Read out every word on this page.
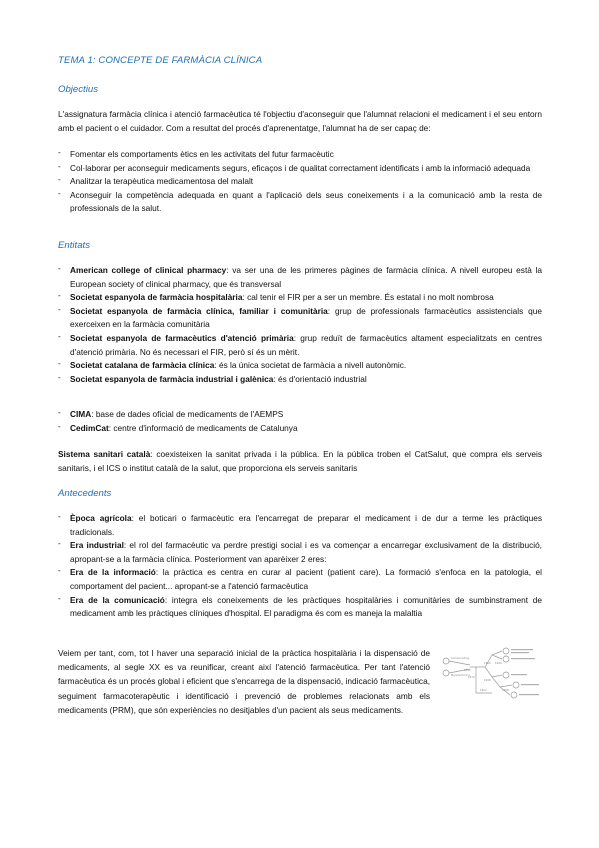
TEMA 1: CONCEPTE DE FARMÀCIA CLÍNICA
Objectius
L'assignatura farmàcia clínica i atenció farmacèutica té l'objectiu d'aconseguir que l'alumnat relacioni el medicament i el seu entorn amb el pacient o el cuidador. Com a resultat del procés d'aprenentatge, l'alumnat ha de ser capaç de:
- Fomentar els comportaments ètics en les activitats del futur farmacèutic
- Col·laborar per aconseguir medicaments segurs, eficaços i de qualitat correctament identificats i amb la informació adequada
- Analitzar la terapèutica medicamentosa del malalt
- Aconseguir la competència adequada en quant a l'aplicació dels seus coneixements i a la comunicació amb la resta de professionals de la salut.
Entitats
- American college of clinical pharmacy: va ser una de les primeres pàgines de farmàcia clínica. A nivell europeu està la European society of clinical pharmacy, que és transversal
- Societat espanyola de farmàcia hospitalària: cal tenir el FIR per a ser un membre. És estatal i no molt nombrosa
- Societat espanyola de farmàcia clínica, familiar i comunitària: grup de professionals farmacèutics assistencials que exerceixen en la farmàcia comunitària
- Societat espanyola de farmacèutics d'atenció primària: grup reduït de farmacèutics altament especialitzats en centres d'atenció primària. No és necessari el FIR, però sí és un mèrit.
- Societat catalana de farmàcia clínica: és la única societat de farmàcia a nivell autonòmic.
- Societat espanyola de farmàcia industrial i galènica: és d'orientació industrial
- CIMA: base de dades oficial de medicaments de l'AEMPS
- CedimCat: centre d'informació de medicaments de Catalunya
Sistema sanitari català: coexisteixen la sanitat privada i la pública. En la pública troben el CatSalut, que compra els serveis sanitaris, i el ICS o institut català de la salut, que proporciona els serveis sanitaris
Antecedents
- Època agrícola: el boticari o farmacèutic era l'encarregat de preparar el medicament i de dur a terme les pràctiques tradicionals.
- Era industrial: el rol del farmacèutic va perdre prestigi social i es va començar a encarregar exclusivament de la distribució, apropant-se a la farmàcia clínica. Posteriorment van aparèixer 2 eres:
- Era de la informació: la pràctica es centra en curar al pacient (patient care). La formació s'enfoca en la patologia, el comportament del pacient... apropant-se a l'atenció farmacèutica
- Era de la comunicació: integra els coneixements de les pràctiques hospitalàries i comunitàries de sumbinstrament de medicament amb les pràctiques clíniques d'hospital. El paradigma és com es maneja la malaltia
Veiem per tant, com, tot I haver una separació inicial de la pràctica hospitalària i la dispensació de medicaments, al segle XX es va reunificar, creant així l'atenció farmacèutica. Per tant l'atenció farmacèutica és un procés global i eficient que s'encarrega de la dispensació, indicació farmacèutica, seguiment farmacoterapèutic i identificació i prevenció de problemes relacionats amb els medicaments (PRM), que són experiències no desitjables d'un pacient als seus medicaments.
Compounding
Manufacturing
1852
1966 1990
1970
1998
1952	1998
